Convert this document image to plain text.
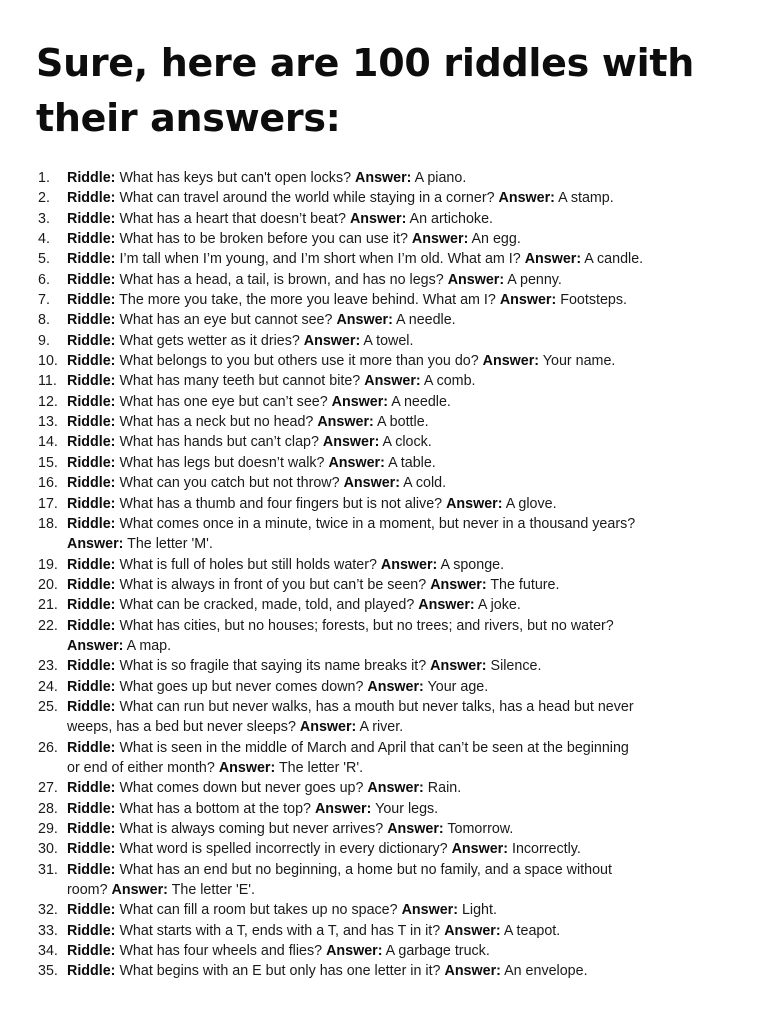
Sure, here are 100 riddles with their answers:
1. Riddle: What has keys but can't open locks? Answer: A piano.
2. Riddle: What can travel around the world while staying in a corner? Answer: A stamp.
3. Riddle: What has a heart that doesn’t beat? Answer: An artichoke.
4. Riddle: What has to be broken before you can use it? Answer: An egg.
5. Riddle: I’m tall when I’m young, and I’m short when I’m old. What am I? Answer: A candle.
6. Riddle: What has a head, a tail, is brown, and has no legs? Answer: A penny.
7. Riddle: The more you take, the more you leave behind. What am I? Answer: Footsteps.
8. Riddle: What has an eye but cannot see? Answer: A needle.
9. Riddle: What gets wetter as it dries? Answer: A towel.
10. Riddle: What belongs to you but others use it more than you do? Answer: Your name.
11. Riddle: What has many teeth but cannot bite? Answer: A comb.
12. Riddle: What has one eye but can’t see? Answer: A needle.
13. Riddle: What has a neck but no head? Answer: A bottle.
14. Riddle: What has hands but can’t clap? Answer: A clock.
15. Riddle: What has legs but doesn’t walk? Answer: A table.
16. Riddle: What can you catch but not throw? Answer: A cold.
17. Riddle: What has a thumb and four fingers but is not alive? Answer: A glove.
18. Riddle: What comes once in a minute, twice in a moment, but never in a thousand years?
Answer: The letter 'M'.
19. Riddle: What is full of holes but still holds water? Answer: A sponge.
20. Riddle: What is always in front of you but can’t be seen? Answer: The future.
21. Riddle: What can be cracked, made, told, and played? Answer: A joke.
22. Riddle: What has cities, but no houses; forests, but no trees; and rivers, but no water?
Answer: A map.
23. Riddle: What is so fragile that saying its name breaks it? Answer: Silence.
24. Riddle: What goes up but never comes down? Answer: Your age.
25. Riddle: What can run but never walks, has a mouth but never talks, has a head but never
weeps, has a bed but never sleeps? Answer: A river.
26. Riddle: What is seen in the middle of March and April that can’t be seen at the beginning
or end of either month? Answer: The letter 'R'.
27. Riddle: What comes down but never goes up? Answer: Rain.
28. Riddle: What has a bottom at the top? Answer: Your legs.
29. Riddle: What is always coming but never arrives? Answer: Tomorrow.
30. Riddle: What word is spelled incorrectly in every dictionary? Answer: Incorrectly.
31. Riddle: What has an end but no beginning, a home but no family, and a space without
room? Answer: The letter 'E'.
32. Riddle: What can fill a room but takes up no space? Answer: Light.
33. Riddle: What starts with a T, ends with a T, and has T in it? Answer: A teapot.
34. Riddle: What has four wheels and flies? Answer: A garbage truck.
35. Riddle: What begins with an E but only has one letter in it? Answer: An envelope.
